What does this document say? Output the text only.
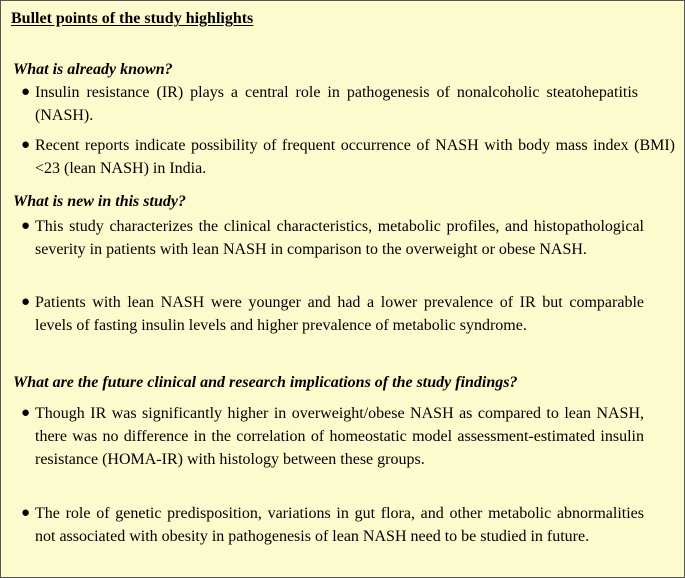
Bullet points of the study highlights
What is already known?
● Insulin resistance (IR) plays a central role in pathogenesis of nonalcoholic steatohepatitis (NASH).

● Recent reports indicate possibility of frequent occurrence of NASH with body mass index (BMI) <23 (lean NASH) in India.

What is new in this study?
● This study characterizes the clinical characteristics, metabolic profiles, and histopathological severity in patients with lean NASH in comparison to the overweight or obese NASH.

● Patients with lean NASH were younger and had a lower prevalence of IR but comparable levels of fasting insulin levels and higher prevalence of metabolic syndrome.

What are the future clinical and research implications of the study findings?
● Though IR was significantly higher in overweight/obese NASH as compared to lean NASH, there was no difference in the correlation of homeostatic model assessment-estimated insulin resistance (HOMA-IR) with histology between these groups.

● The role of genetic predisposition, variations in gut flora, and other metabolic abnormalities not associated with obesity in pathogenesis of lean NASH need to be studied in future.
